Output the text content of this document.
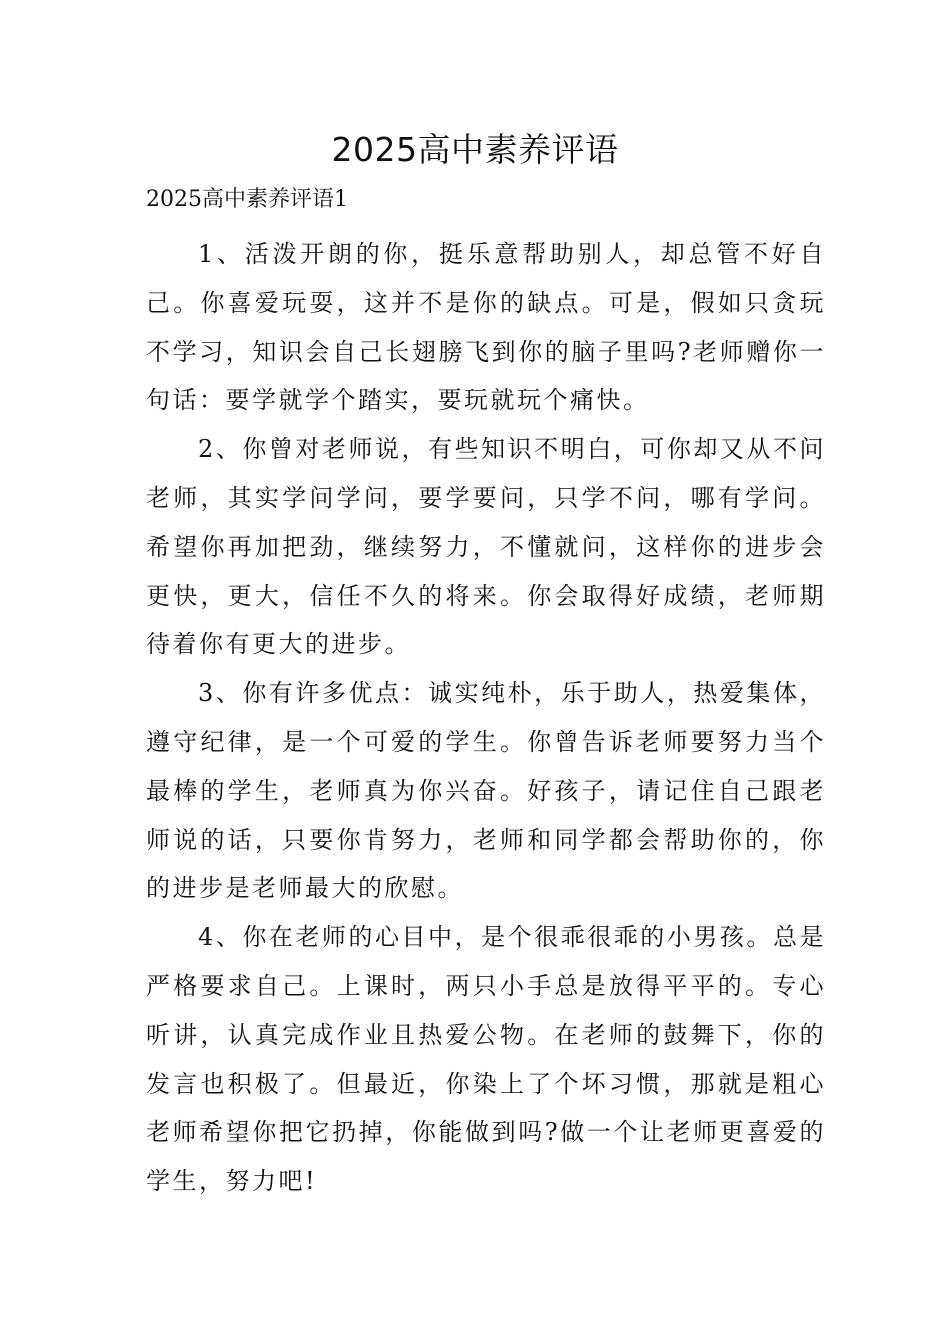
2025高中素养评语
2025高中素养评语1

1、活泼开朗的你，挺乐意帮助别人，却总管不好自己。你喜爱玩耍，这并不是你的缺点。可是，假如只贪玩不学习，知识会自己长翅膀飞到你的脑子里吗?老师赠你一句话：要学就学个踏实，要玩就玩个痛快。

2、你曾对老师说，有些知识不明白，可你却又从不问老师，其实学问学问，要学要问，只学不问，哪有学问。希望你再加把劲，继续努力，不懂就问，这样你的进步会更快，更大，信任不久的将来。你会取得好成绩，老师期待着你有更大的进步。

3、你有许多优点：诚实纯朴，乐于助人，热爱集体，遵守纪律，是一个可爱的学生。你曾告诉老师要努力当个最棒的学生，老师真为你兴奋。好孩子，请记住自己跟老师说的话，只要你肯努力，老师和同学都会帮助你的，你的进步是老师最大的欣慰。

4、你在老师的心目中，是个很乖很乖的小男孩。总是严格要求自己。上课时，两只小手总是放得平平的。专心听讲，认真完成作业且热爱公物。在老师的鼓舞下，你的发言也积极了。但最近，你染上了个坏习惯，那就是粗心老师希望你把它扔掉，你能做到吗?做一个让老师更喜爱的学生，努力吧!
